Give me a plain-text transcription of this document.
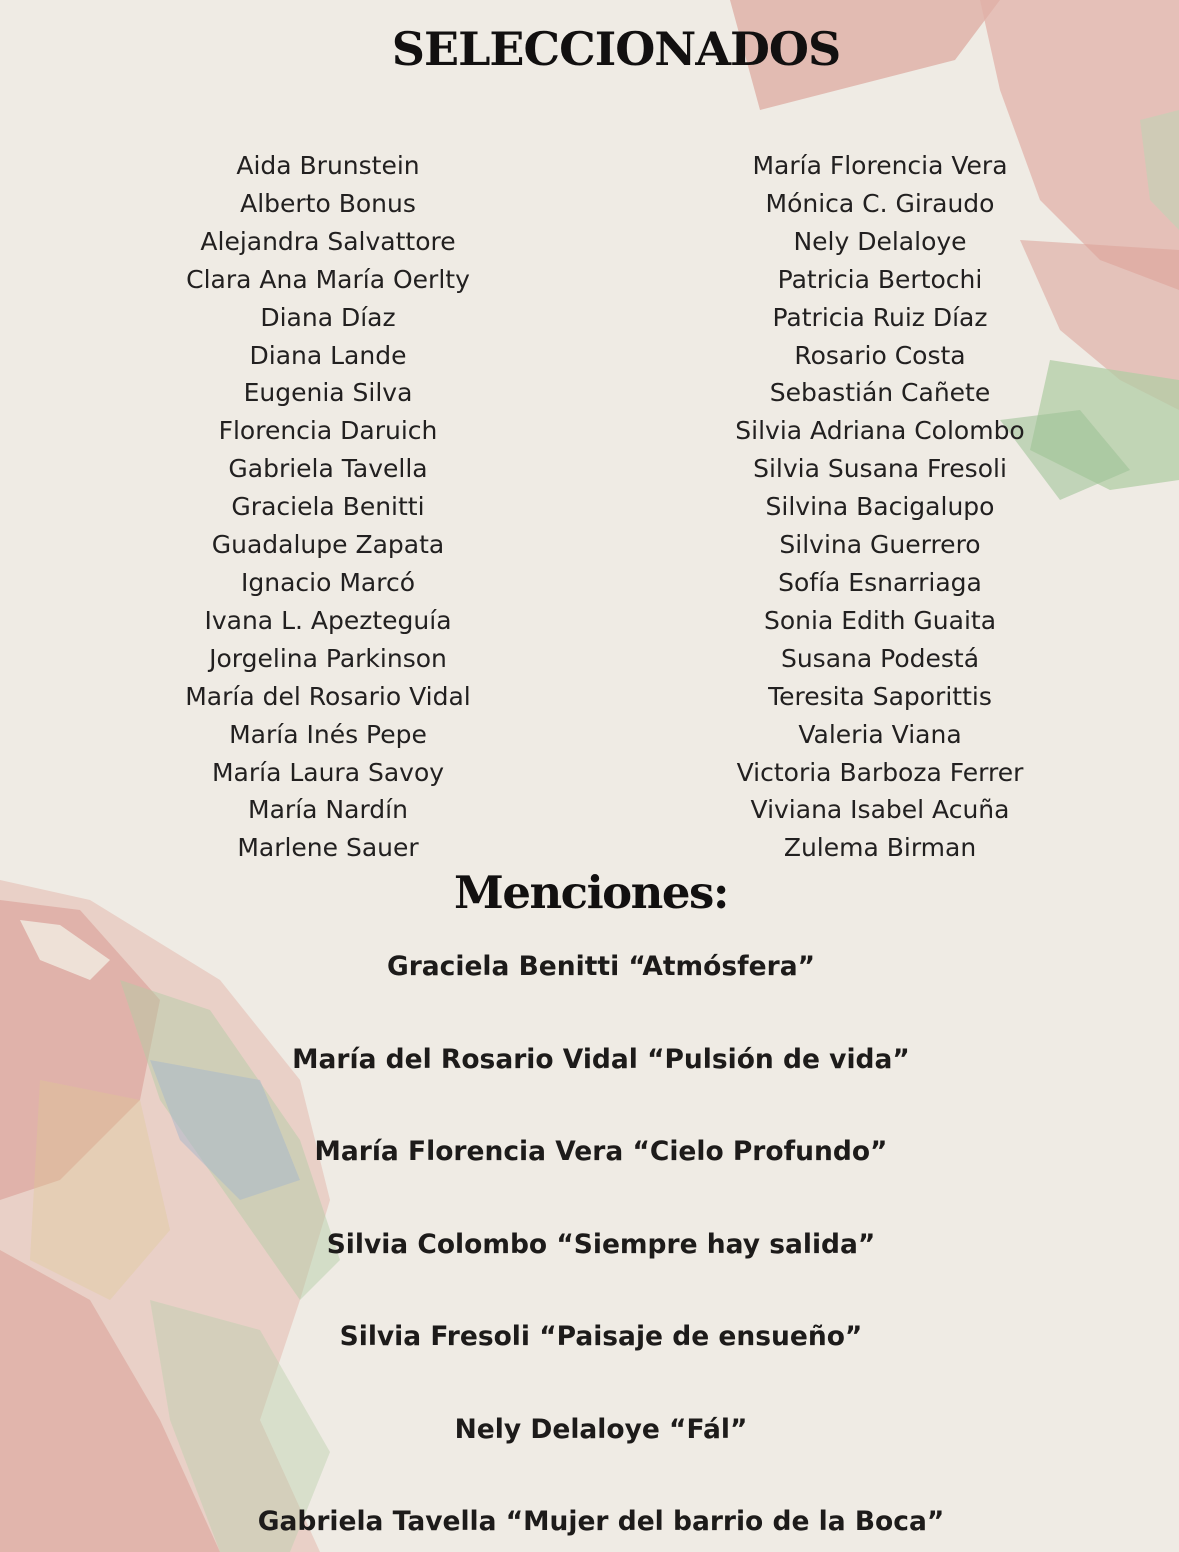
SELECCIONADOS
Aida Brunstein
Alberto Bonus
Alejandra Salvattore
Clara Ana María Oerlty
Diana Díaz
Diana Lande
Eugenia Silva
Florencia Daruich
Gabriela Tavella
Graciela Benitti
Guadalupe Zapata
Ignacio Marcó
Ivana L. Apezteguía
Jorgelina Parkinson
María del Rosario Vidal
María Inés Pepe
María Laura Savoy
María Nardín
Marlene Sauer
María Florencia Vera
Mónica C. Giraudo
Nely Delaloye
Patricia Bertochi
Patricia Ruiz Díaz
Rosario Costa
Sebastián Cañete
Silvia Adriana Colombo
Silvia Susana Fresoli
Silvina Bacigalupo
Silvina Guerrero
Sofía Esnarriaga
Sonia Edith Guaita
Susana Podestá
Teresita Saporittis
Valeria Viana
Victoria Barboza Ferrer
Viviana Isabel Acuña
Zulema Birman
Menciones:
Graciela Benitti “Atmósfera”
María del Rosario Vidal “Pulsión de vida”
María Florencia Vera “Cielo Profundo”
Silvia Colombo “Siempre hay salida”
Silvia Fresoli “Paisaje de ensueño”
Nely Delaloye “Fál”
Gabriela Tavella “Mujer del barrio de la Boca”
